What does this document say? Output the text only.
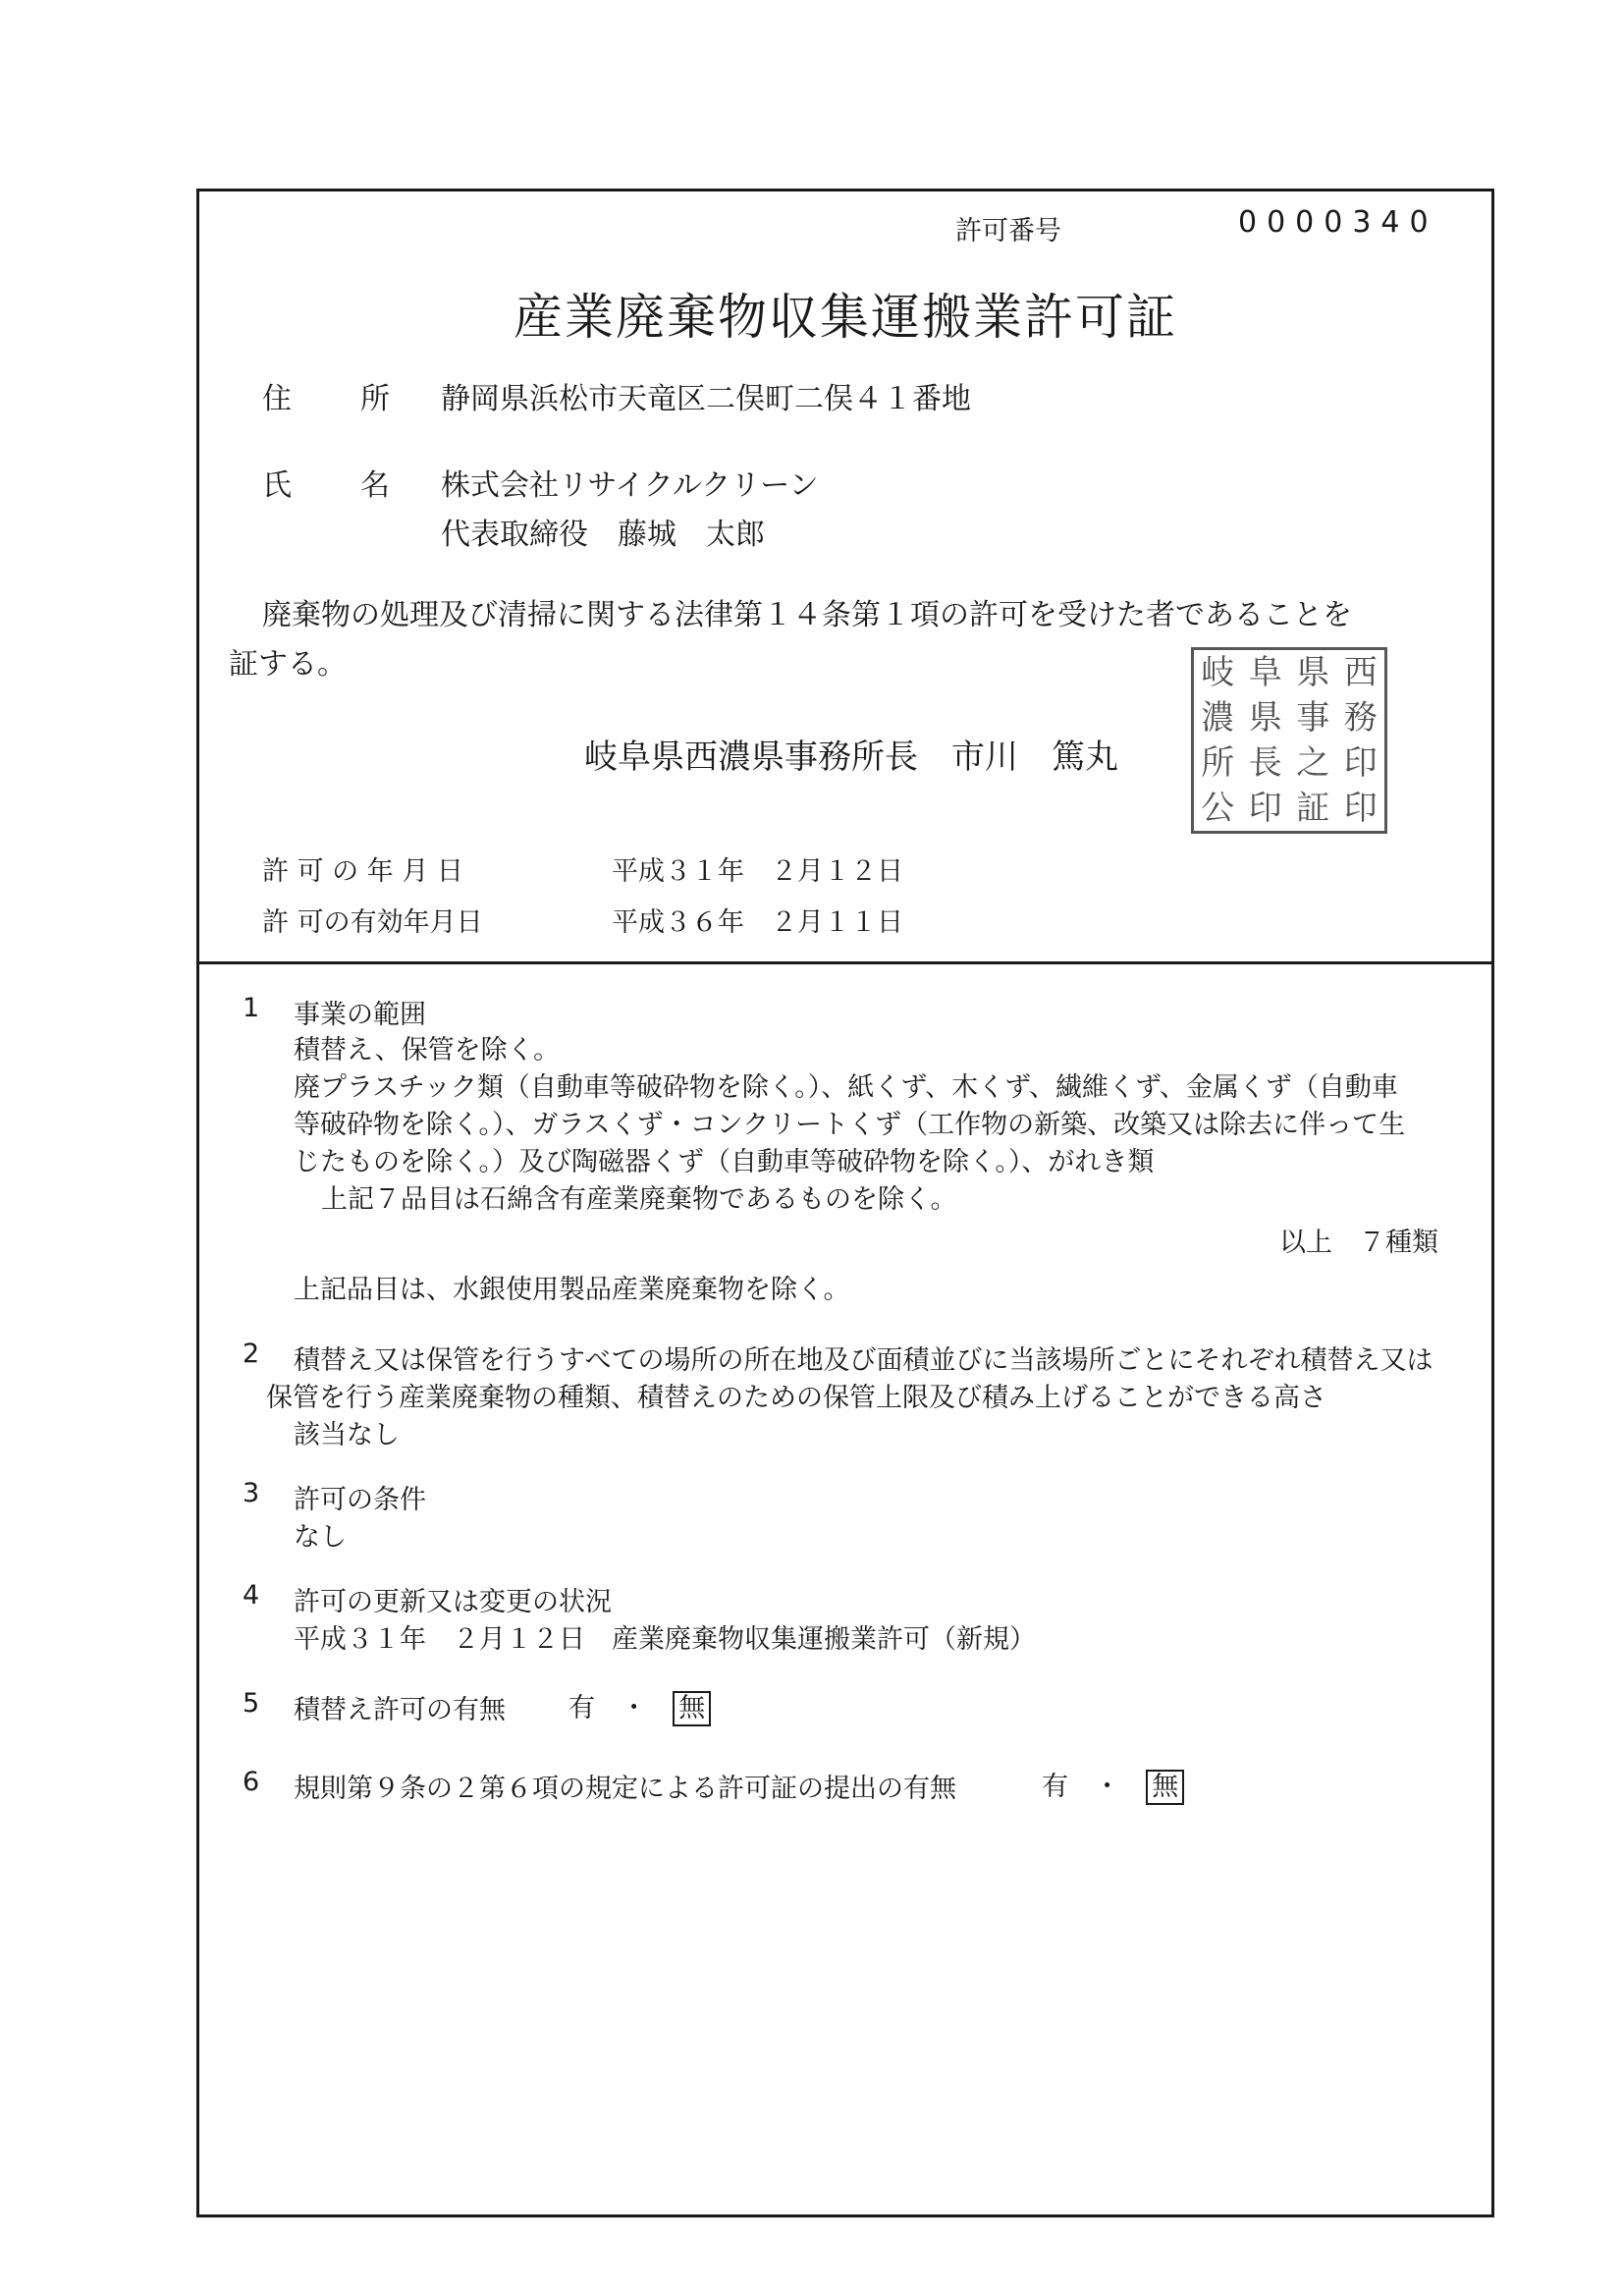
許可番号	0000340
産業廃棄物収集運搬業許可証
住 所 静岡県浜松市天竜区二俣町二俣４１番地
氏 名 株式会社リサイクルクリーン
代表取締役　藤城　太郎
廃棄物の処理及び清掃に関する法律第１４条第１項の許可を受けた者であることを
証する。
岐阜県西濃県事務所長　市川　篤丸
岐 阜 県 西
濃 県 事 務
所 長 之 印
公 印 証 印
許 可 の 年 月 日	平成３１年　２月１２日
許 可の有効年月日	平成３６年　２月１１日
1 事業の範囲
積替え、保管を除く。
廃プラスチック類（自動車等破砕物を除く。）、紙くず、木くず、繊維くず、金属くず（自動車
等破砕物を除く。）、ガラスくず・コンクリートくず（工作物の新築、改築又は除去に伴って生
じたものを除く。）及び陶磁器くず（自動車等破砕物を除く。）、がれき類
上記７品目は石綿含有産業廃棄物であるものを除く。
以上　７種類
上記品目は、水銀使用製品産業廃棄物を除く。
2 積替え又は保管を行うすべての場所の所在地及び面積並びに当該場所ごとにそれぞれ積替え又は
保管を行う産業廃棄物の種類、積替えのための保管上限及び積み上げることができる高さ
該当なし
3 許可の条件
なし
4 許可の更新又は変更の状況
平成３１年　２月１２日　産業廃棄物収集運搬業許可（新規）
5 積替え許可の有無 有 ・ 無
6 規則第９条の２第６項の規定による許可証の提出の有無	有 ・ 無
